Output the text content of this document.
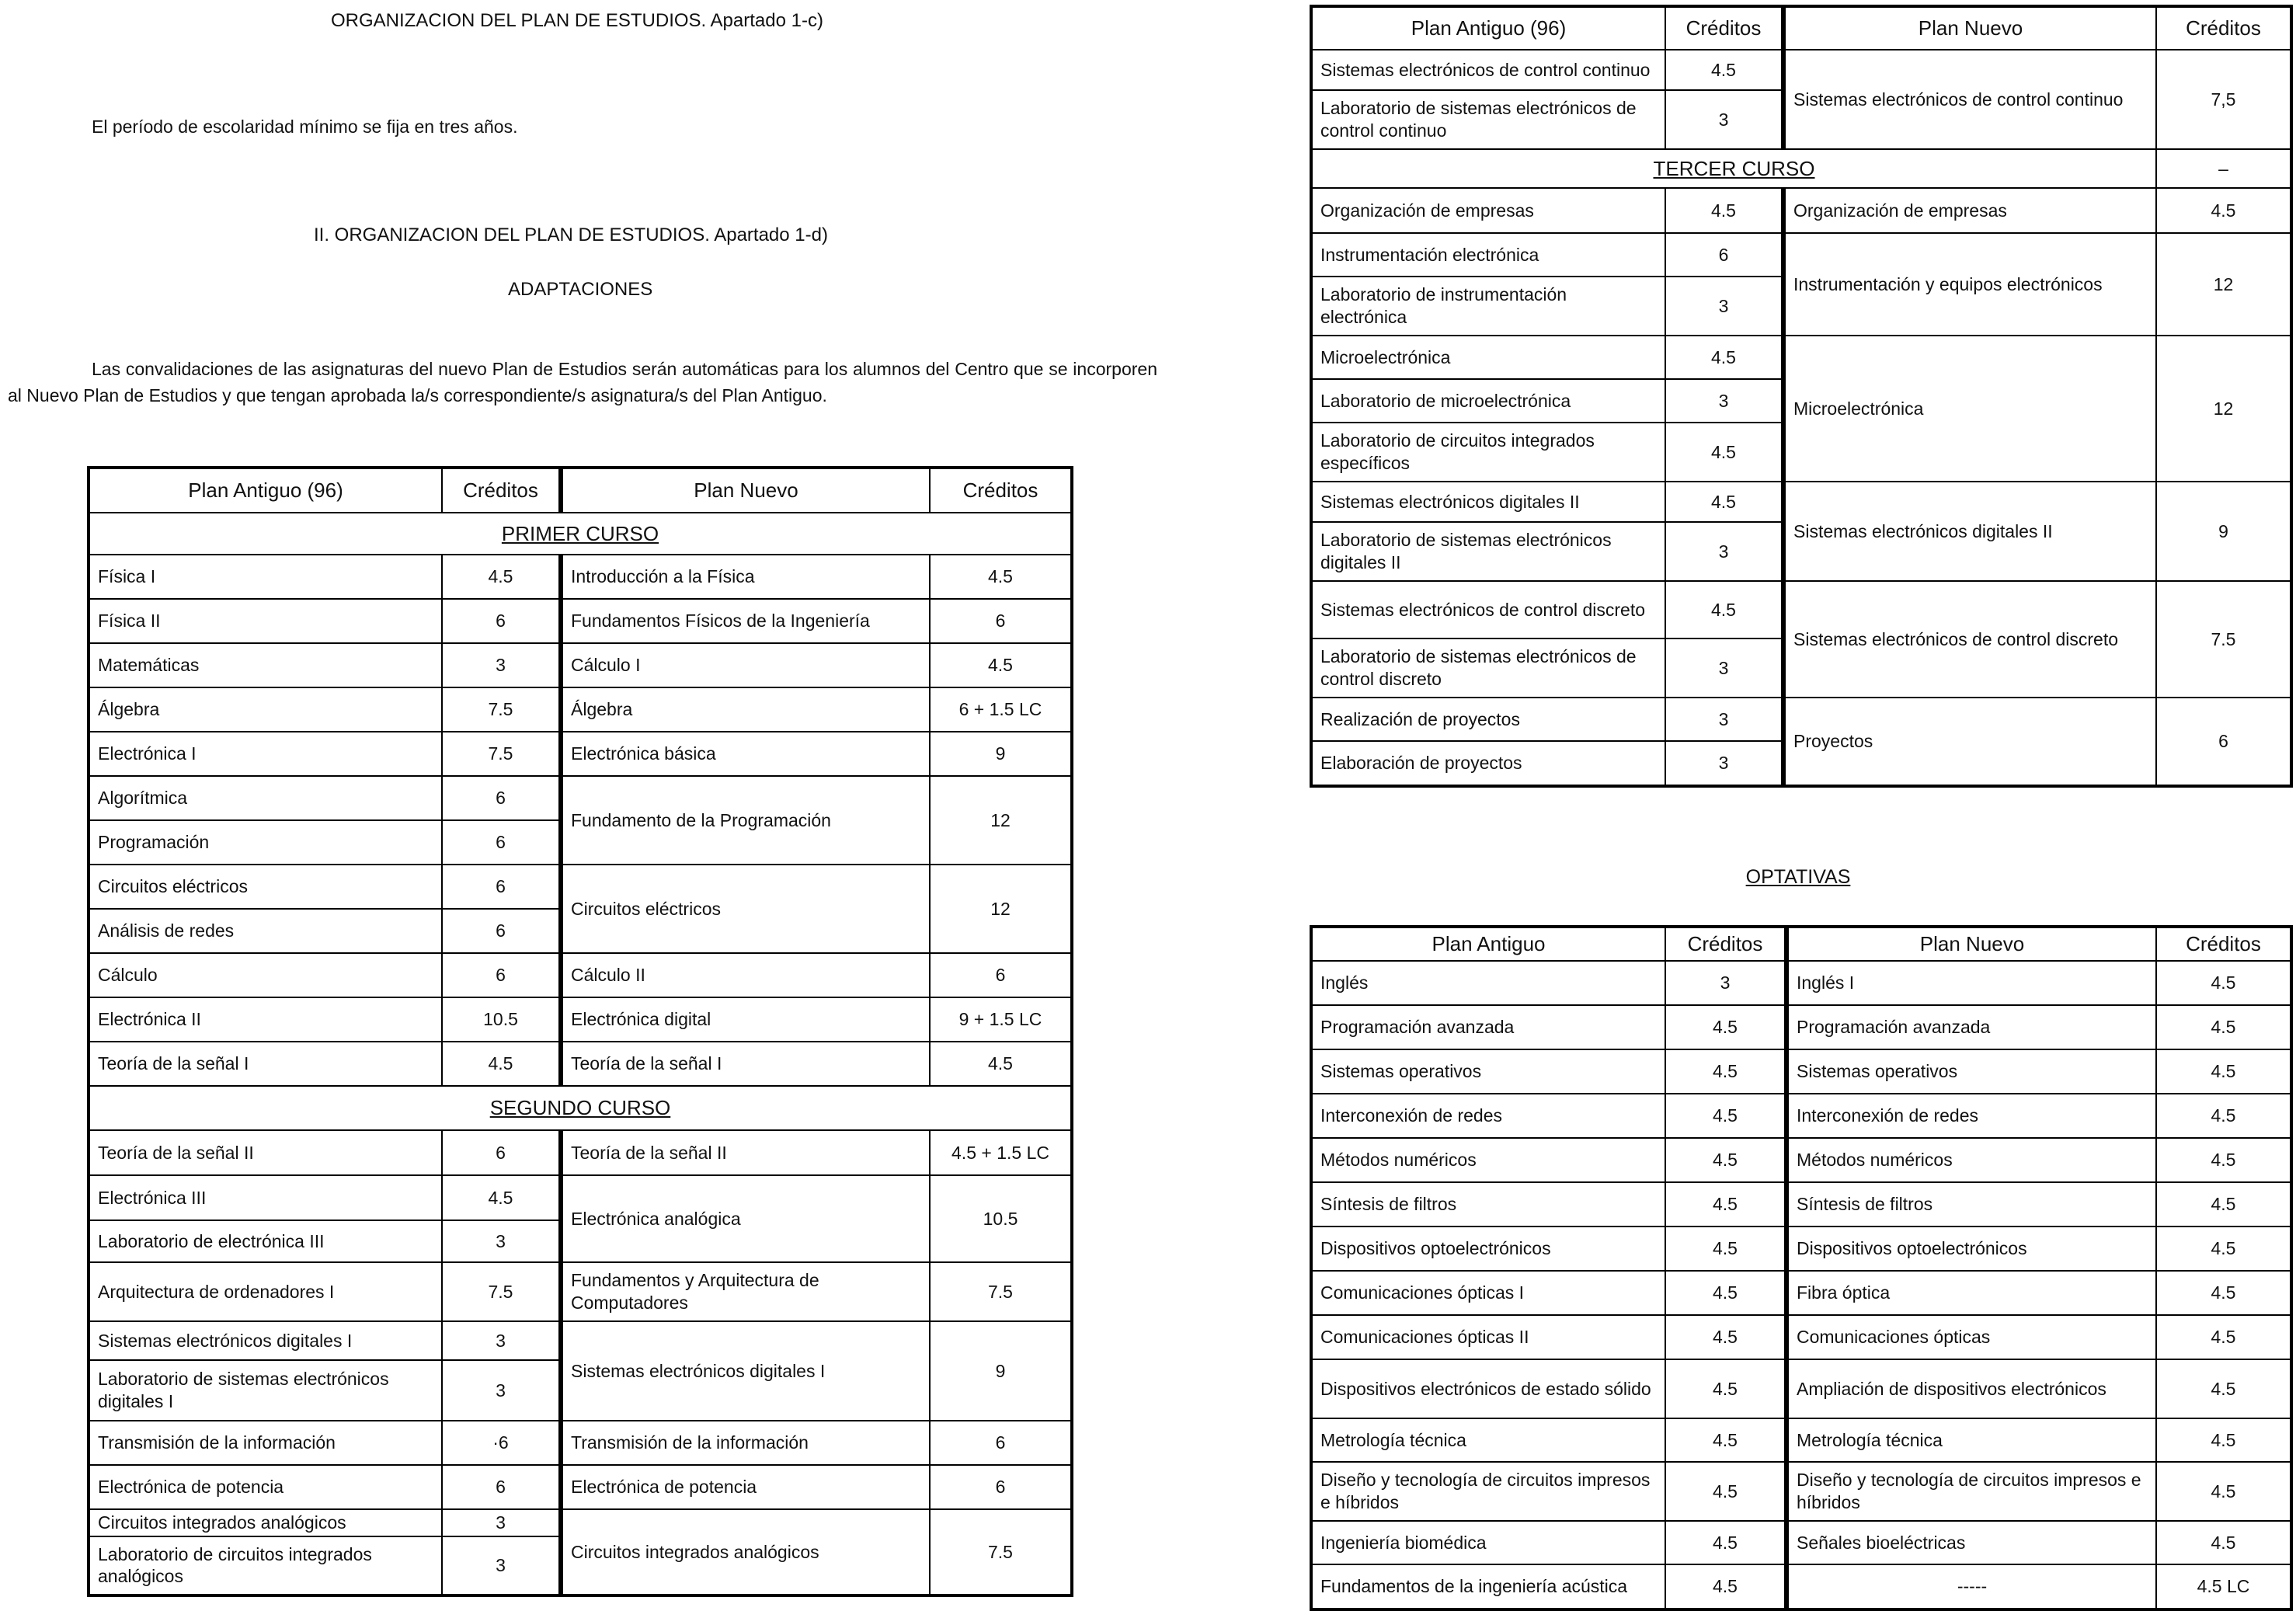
ORGANIZACION DEL PLAN DE ESTUDIOS. Apartado 1-c)
El período de escolaridad mínimo se fija en tres años.
II. ORGANIZACION DEL PLAN DE ESTUDIOS. Apartado 1-d)
ADAPTACIONES
Las convalidaciones de las asignaturas del nuevo Plan de Estudios serán automáticas para los alumnos del Centro que se incorporen al Nuevo Plan de Estudios y que tengan aprobada la/s correspondiente/s asignatura/s del Plan Antiguo.
Plan Antiguo (96)	Créditos	Plan Nuevo	Créditos
PRIMER CURSO			
Física I	4.5	Introducción a la Física	4.5
Física II	6	Fundamentos Físicos de la Ingeniería	6
Matemáticas	3	Cálculo I	4.5
Álgebra	7.5	Álgebra	6 + 1.5 LC
Electrónica I	7.5	Electrónica básica	9
Algorítmica	6	Fundamento de la Programación	12
Programación	6		
Circuitos eléctricos	6	Circuitos eléctricos	12
Análisis de redes	6		
Cálculo	6	Cálculo II	6
Electrónica II	10.5	Electrónica digital	9 + 1.5 LC
Teoría de la señal I	4.5	Teoría de la señal I	4.5
SEGUNDO CURSO			
Teoría de la señal II	6	Teoría de la señal II	4.5 + 1.5 LC
Electrónica III	4.5	Electrónica analógica	10.5
Laboratorio de electrónica III	3		
Arquitectura de ordenadores I	7.5	Fundamentos y Arquitectura de Computadores	7.5
Sistemas electrónicos digitales I	3	Sistemas electrónicos digitales I	9
Laboratorio de sistemas electrónicos digitales I	3		
Transmisión de la información	·6	Transmisión de la información	6
Electrónica de potencia	6	Electrónica de potencia	6
Circuitos integrados analógicos	3	Circuitos integrados analógicos	7.5
Laboratorio de circuitos integrados analógicos	3		
Plan Antiguo (96)	Créditos	Plan Nuevo	Créditos
Sistemas electrónicos de control continuo	4.5	Sistemas electrónicos de control continuo	7,5
Laboratorio de sistemas electrónicos de control continuo	3		
TERCER CURSO			–
Organización de empresas	4.5	Organización de empresas	4.5
Instrumentación electrónica	6	Instrumentación y equipos electrónicos	12
Laboratorio de instrumentación electrónica	3		
Microelectrónica	4.5	Microelectrónica	12
Laboratorio de microelectrónica	3		
Laboratorio de circuitos integrados específicos	4.5		
Sistemas electrónicos digitales II	4.5	Sistemas electrónicos digitales II	9
Laboratorio de sistemas electrónicos digitales II	3		
Sistemas electrónicos de control discreto	4.5	Sistemas electrónicos de control discreto	7.5
Laboratorio de sistemas electrónicos de control discreto	3		
Realización de proyectos	3	Proyectos	6
Elaboración de proyectos	3		
OPTATIVAS
Plan Antiguo	Créditos	Plan Nuevo	Créditos
Inglés	3	Inglés I	4.5
Programación avanzada	4.5	Programación avanzada	4.5
Sistemas operativos	4.5	Sistemas operativos	4.5
Interconexión de redes	4.5	Interconexión de redes	4.5
Métodos numéricos	4.5	Métodos numéricos	4.5
Síntesis de filtros	4.5	Síntesis de filtros	4.5
Dispositivos optoelectrónicos	4.5	Dispositivos optoelectrónicos	4.5
Comunicaciones ópticas I	4.5	Fibra óptica	4.5
Comunicaciones ópticas II	4.5	Comunicaciones ópticas	4.5
Dispositivos electrónicos de estado sólido	4.5	Ampliación de dispositivos electrónicos	4.5
Metrología técnica	4.5	Metrología técnica	4.5
Diseño y tecnología de circuitos impresos e híbridos	4.5	Diseño y tecnología de circuitos impresos e híbridos	4.5
Ingeniería biomédica	4.5	Señales bioeléctricas	4.5
Fundamentos de la ingeniería acústica	4.5	-----	4.5 LC
